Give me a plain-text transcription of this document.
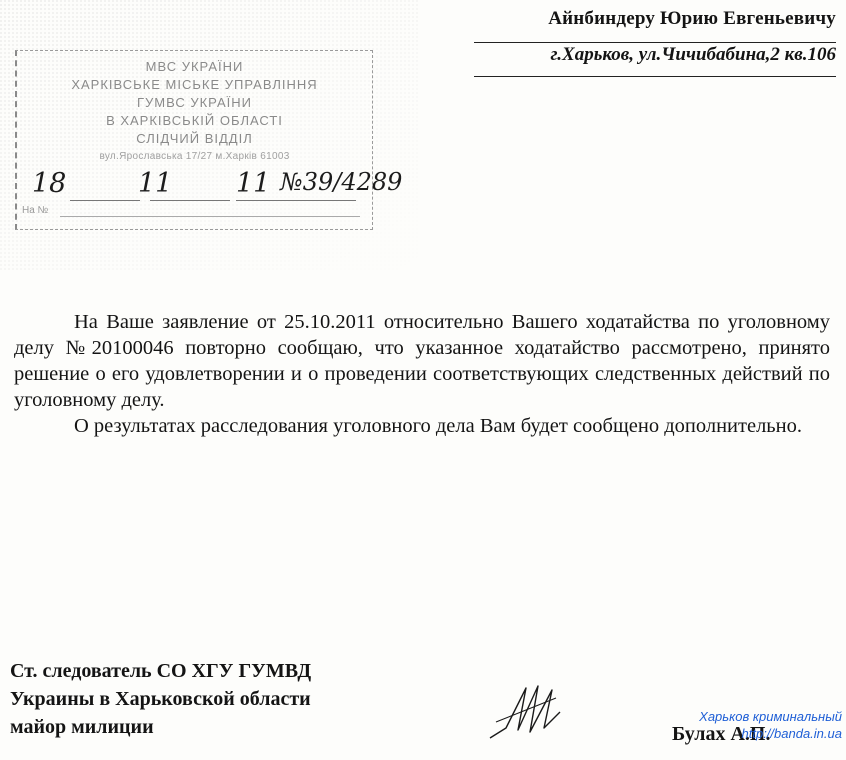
Айнбиндеру Юрию Евгеньевичу
г.Харьков, ул.Чичибабина,2 кв.106
МВС УКРАЇНИ
ХАРКІВСЬКЕ МІСЬКЕ УПРАВЛІННЯ
ГУМВС УКРАЇНИ
В ХАРКІВСЬКІЙ ОБЛАСТІ
СЛІДЧИЙ ВІДДІЛ
вул.Ярославська 17/27 м.Харків 61003
18	11 11 №39/4289
На №

На Ваше заявление от 25.10.2011 относительно Вашего ходатайства по уголовному делу №20100046 повторно сообщаю, что указанное ходатайство рассмотрено, принято решение о его удовлетворении и о проведении соответствующих следственных действий по уголовному делу.

О результатах расследования уголовного дела Вам будет сообщено дополнительно.

Ст. следователь СО ХГУ ГУМВД
Украины в Харьковской области
майор милиции	Булах А.П.
Харьков криминальный
http://banda.in.ua
